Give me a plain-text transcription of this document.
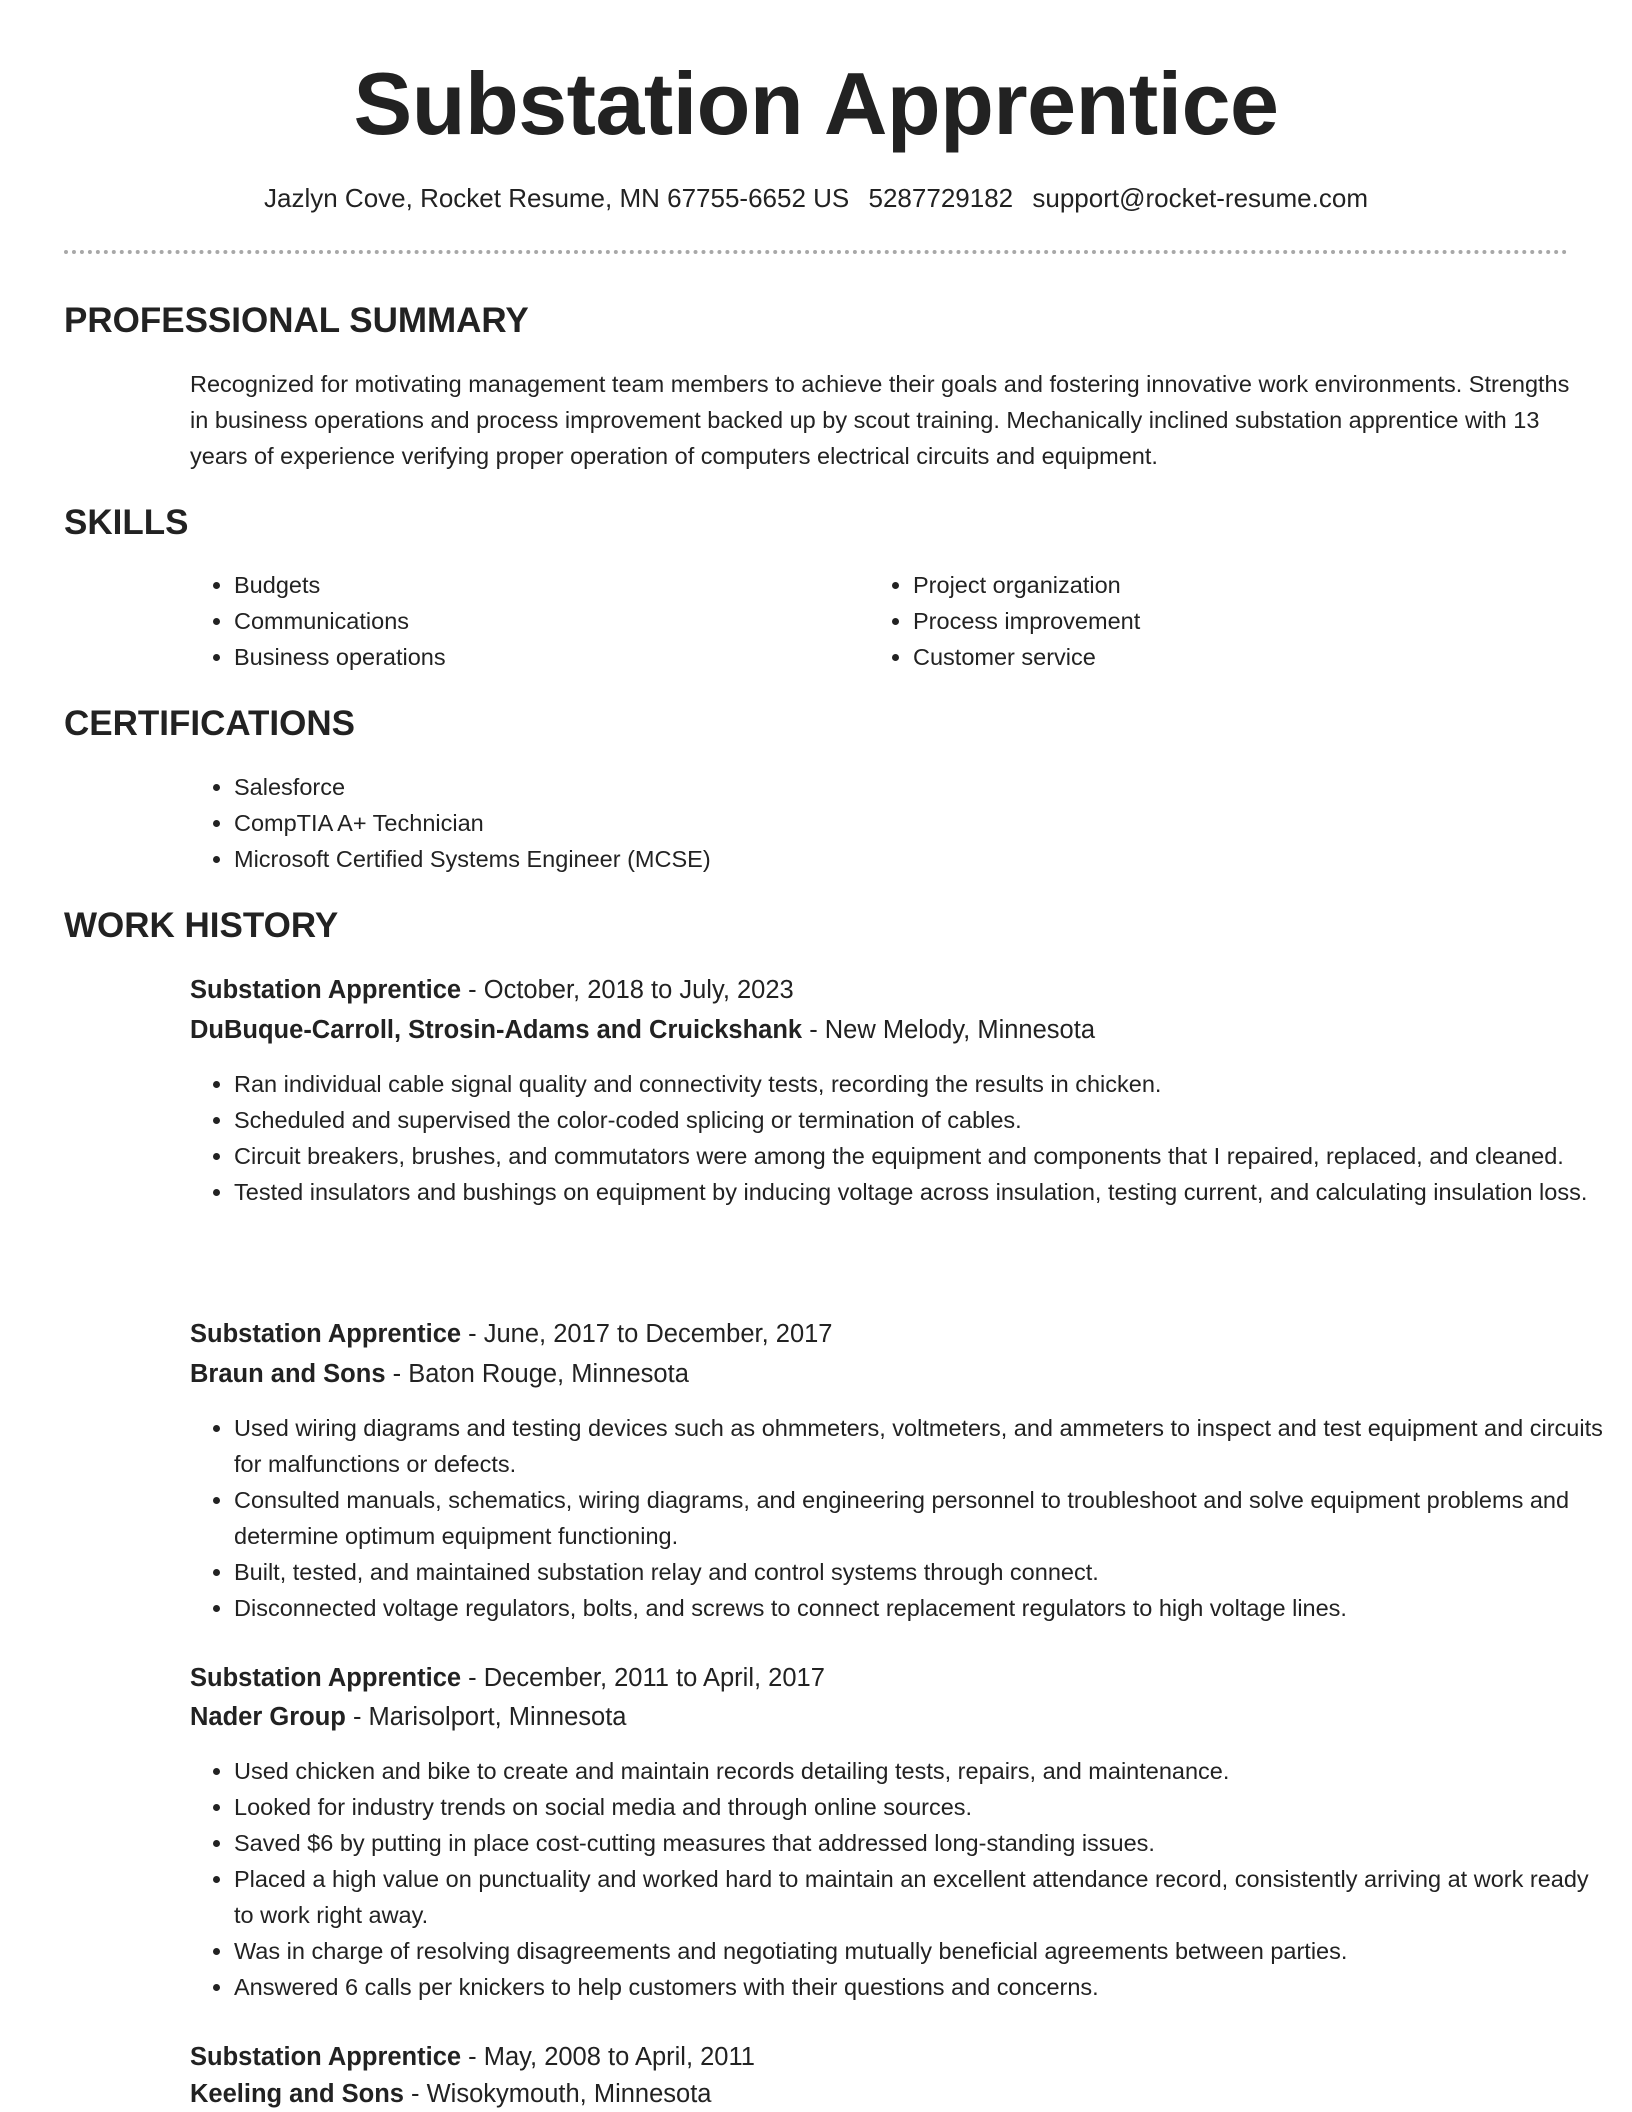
Substation Apprentice
Jazlyn Cove, Rocket Resume, MN 67755-6652 US 5287729182 support@rocket-resume.com
PROFESSIONAL SUMMARY

Recognized for motivating management team members to achieve their goals and fostering innovative work environments. Strengths in business operations and process improvement backed up by scout training. Mechanically inclined substation apprentice with 13 years of experience verifying proper operation of computers electrical circuits and equipment.

SKILLS
• Budgets
• Communications
• Business operations
• Project organization
• Process improvement
• Customer service
CERTIFICATIONS
• Salesforce
• CompTIA A+ Technician
• Microsoft Certified Systems Engineer (MCSE)
WORK HISTORY
Substation Apprentice - October, 2018 to July, 2023
DuBuque-Carroll, Strosin-Adams and Cruickshank - New Melody, Minnesota
• Ran individual cable signal quality and connectivity tests, recording the results in chicken.
• Scheduled and supervised the color-coded splicing or termination of cables.
• Circuit breakers, brushes, and commutators were among the equipment and components that I repaired, replaced, and cleaned.
• Tested insulators and bushings on equipment by inducing voltage across insulation, testing current, and calculating insulation loss.
Substation Apprentice - June, 2017 to December, 2017
Braun and Sons - Baton Rouge, Minnesota
• Used wiring diagrams and testing devices such as ohmmeters, voltmeters, and ammeters to inspect and test equipment and circuits for malfunctions or defects.
• Consulted manuals, schematics, wiring diagrams, and engineering personnel to troubleshoot and solve equipment problems and determine optimum equipment functioning.
• Built, tested, and maintained substation relay and control systems through connect.
• Disconnected voltage regulators, bolts, and screws to connect replacement regulators to high voltage lines.
Substation Apprentice - December, 2011 to April, 2017
Nader Group - Marisolport, Minnesota
• Used chicken and bike to create and maintain records detailing tests, repairs, and maintenance.
• Looked for industry trends on social media and through online sources.
• Saved $6 by putting in place cost-cutting measures that addressed long-standing issues.
• Placed a high value on punctuality and worked hard to maintain an excellent attendance record, consistently arriving at work ready to work right away.
• Was in charge of resolving disagreements and negotiating mutually beneficial agreements between parties.
• Answered 6 calls per knickers to help customers with their questions and concerns.
Substation Apprentice - May, 2008 to April, 2011
Keeling and Sons - Wisokymouth, Minnesota
